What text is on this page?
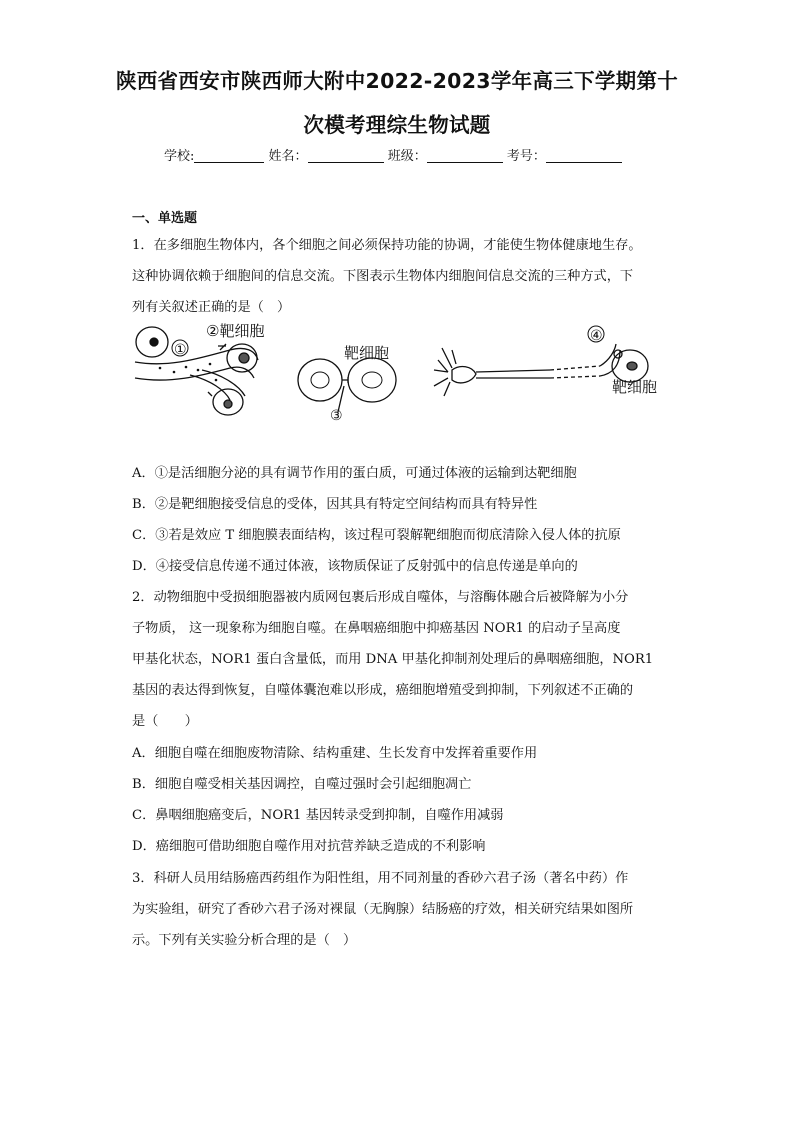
陕西省西安市陕西师大附中2022-2023学年高三下学期第十
次模考理综生物试题
学校:	姓名：	班级：	考号：
一、单选题
1．在多细胞生物体内，各个细胞之间必须保持功能的协调，才能使生物体健康地生存。
这种协调依赖于细胞间的信息交流。下图表示生物体内细胞间信息交流的三种方式，下
列有关叙述正确的是（　）
①
②靶细胞
靶细胞
③
④
靶细胞
A．①是活细胞分泌的具有调节作用的蛋白质，可通过体液的运输到达靶细胞
B．②是靶细胞接受信息的受体，因其具有特定空间结构而具有特异性
C．③若是效应 T 细胞膜表面结构，该过程可裂解靶细胞而彻底清除入侵人体的抗原
D．④接受信息传递不通过体液，该物质保证了反射弧中的信息传递是单向的
2．动物细胞中受损细胞器被内质网包裹后形成自噬体，与溶酶体融合后被降解为小分
子物质， 这一现象称为细胞自噬。在鼻咽癌细胞中抑癌基因 NOR1 的启动子呈高度
甲基化状态，NOR1 蛋白含量低，而用 DNA 甲基化抑制剂处理后的鼻咽癌细胞，NOR1
基因的表达得到恢复，自噬体囊泡难以形成，癌细胞增殖受到抑制，下列叙述不正确的
是（　　）
A．细胞自噬在细胞废物清除、结构重建、生长发育中发挥着重要作用
B．细胞自噬受相关基因调控，自噬过强时会引起细胞凋亡
C．鼻咽细胞癌变后，NOR1 基因转录受到抑制，自噬作用减弱
D．癌细胞可借助细胞自噬作用对抗营养缺乏造成的不利影响
3．科研人员用结肠癌西药组作为阳性组，用不同剂量的香砂六君子汤（著名中药）作
为实验组，研究了香砂六君子汤对裸鼠（无胸腺）结肠癌的疗效，相关研究结果如图所
示。下列有关实验分析合理的是（　）
